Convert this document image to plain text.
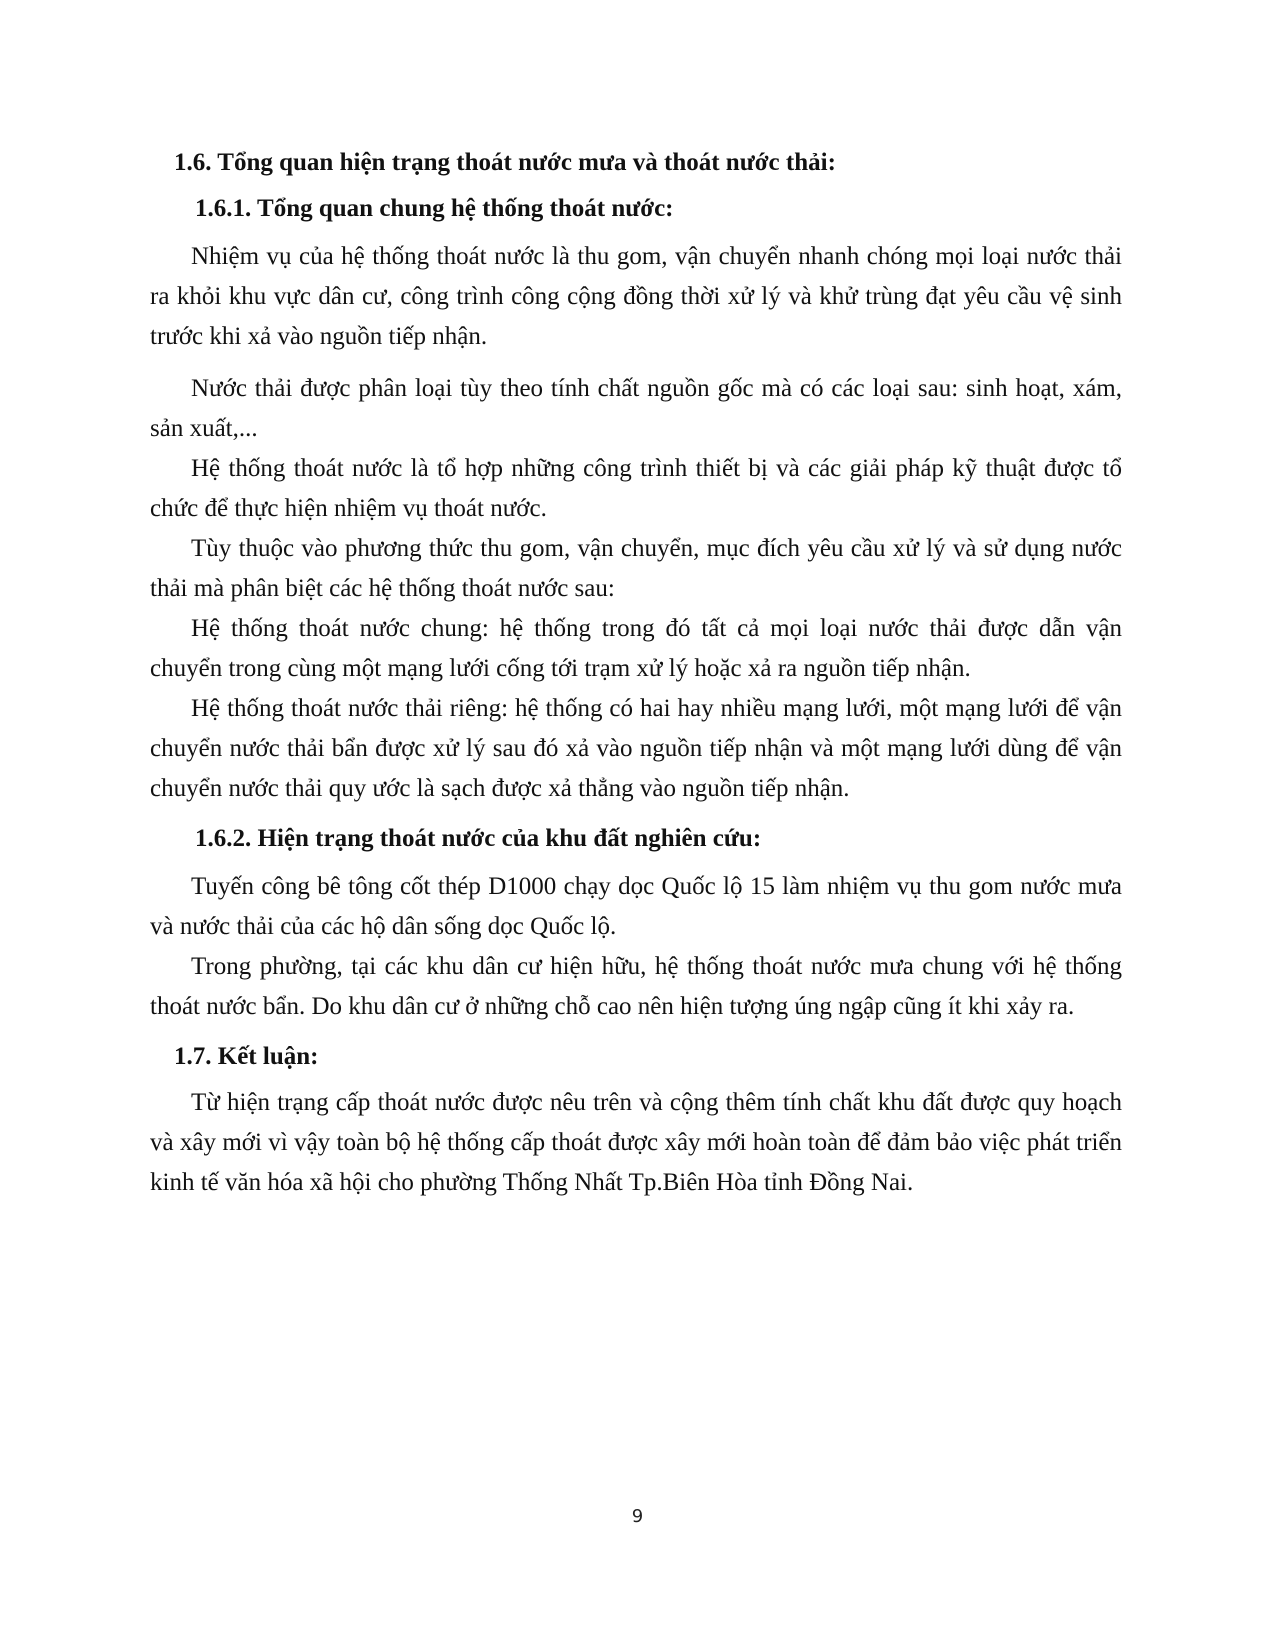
1.6. Tổng quan hiện trạng thoát nước mưa và thoát nước thải:
1.6.1. Tổng quan chung hệ thống thoát nước:

Nhiệm vụ của hệ thống thoát nước là thu gom, vận chuyển nhanh chóng mọi loại nước thải ra khỏi khu vực dân cư, công trình công cộng đồng thời xử lý và khử trùng đạt yêu cầu vệ sinh trước khi xả vào nguồn tiếp nhận.

Nước thải được phân loại tùy theo tính chất nguồn gốc mà có các loại sau: sinh hoạt, xám, sản xuất,...

Hệ thống thoát nước là tổ hợp những công trình thiết bị và các giải pháp kỹ thuật được tổ chức để thực hiện nhiệm vụ thoát nước.

Tùy thuộc vào phương thức thu gom, vận chuyển, mục đích yêu cầu xử lý và sử dụng nước thải mà phân biệt các hệ thống thoát nước sau:

Hệ thống thoát nước chung: hệ thống trong đó tất cả mọi loại nước thải được dẫn vận chuyển trong cùng một mạng lưới cống tới trạm xử lý hoặc xả ra nguồn tiếp nhận.

Hệ thống thoát nước thải riêng: hệ thống có hai hay nhiều mạng lưới, một mạng lưới để vận chuyển nước thải bẩn được xử lý sau đó xả vào nguồn tiếp nhận và một mạng lưới dùng để vận chuyển nước thải quy ước là sạch được xả thẳng vào nguồn tiếp nhận.

1.6.2. Hiện trạng thoát nước của khu đất nghiên cứu:

Tuyến công bê tông cốt thép D1000 chạy dọc Quốc lộ 15 làm nhiệm vụ thu gom nước mưa và nước thải của các hộ dân sống dọc Quốc lộ.

Trong phường, tại các khu dân cư hiện hữu, hệ thống thoát nước mưa chung với hệ thống thoát nước bẩn. Do khu dân cư ở những chỗ cao nên hiện tượng úng ngập cũng ít khi xảy ra.

1.7. Kết luận:

Từ hiện trạng cấp thoát nước được nêu trên và cộng thêm tính chất khu đất được quy hoạch và xây mới vì vậy toàn bộ hệ thống cấp thoát được xây mới hoàn toàn để đảm bảo việc phát triển kinh tế văn hóa xã hội cho phường Thống Nhất Tp.Biên Hòa tỉnh Đồng Nai.

9
